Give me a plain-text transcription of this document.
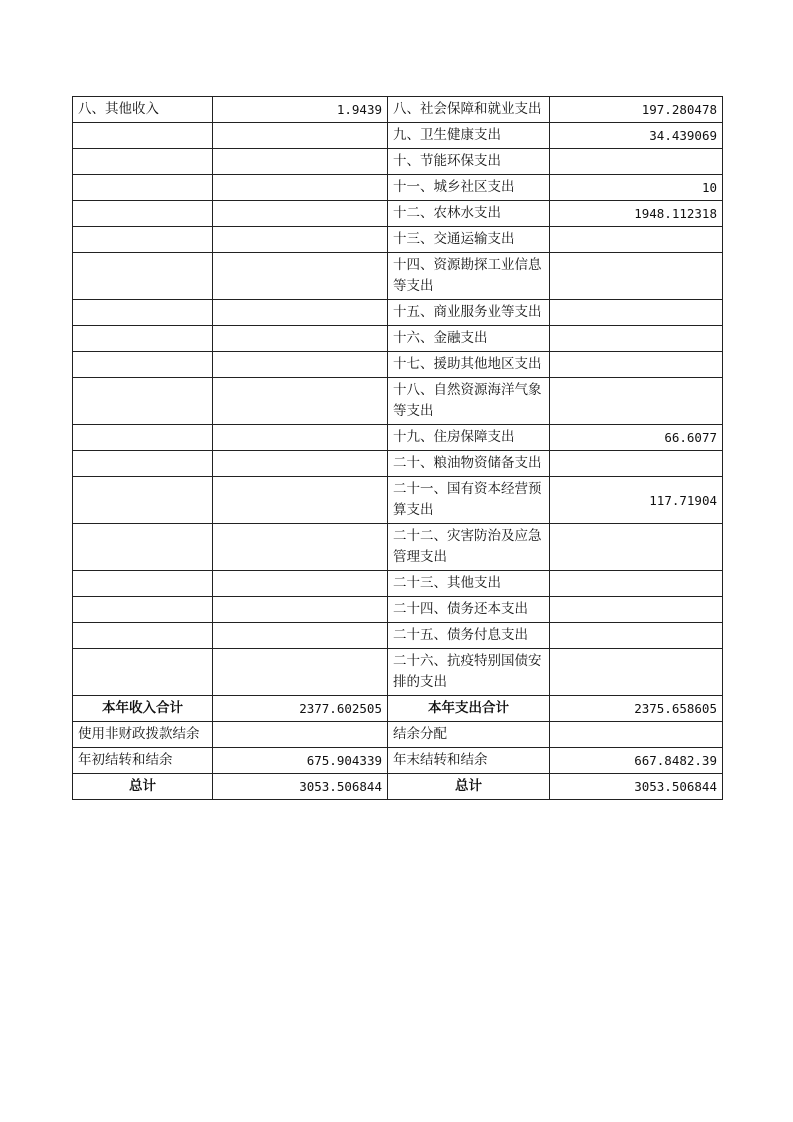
八、其他收入	1.9439	八、社会保障和就业支出	197.280478
		九、卫生健康支出	34.439069
		十、节能环保支出	
		十一、城乡社区支出	10
		十二、农林水支出	1948.112318
		十三、交通运输支出	
		十四、资源勘探工业信息等支出	
		十五、商业服务业等支出	
		十六、金融支出	
		十七、援助其他地区支出	
		十八、自然资源海洋气象等支出	
		十九、住房保障支出	66.6077
		二十、粮油物资储备支出	
		二十一、国有资本经营预算支出	117.71904
		二十二、灾害防治及应急管理支出	
		二十三、其他支出	
		二十四、债务还本支出	
		二十五、债务付息支出	
		二十六、抗疫特别国债安排的支出	
本年收入合计	2377.602505	本年支出合计	2375.658605
使用非财政拨款结余		结余分配	
年初结转和结余	675.904339	年末结转和结余	667.8482.39
总计	3053.506844	总计	3053.506844
